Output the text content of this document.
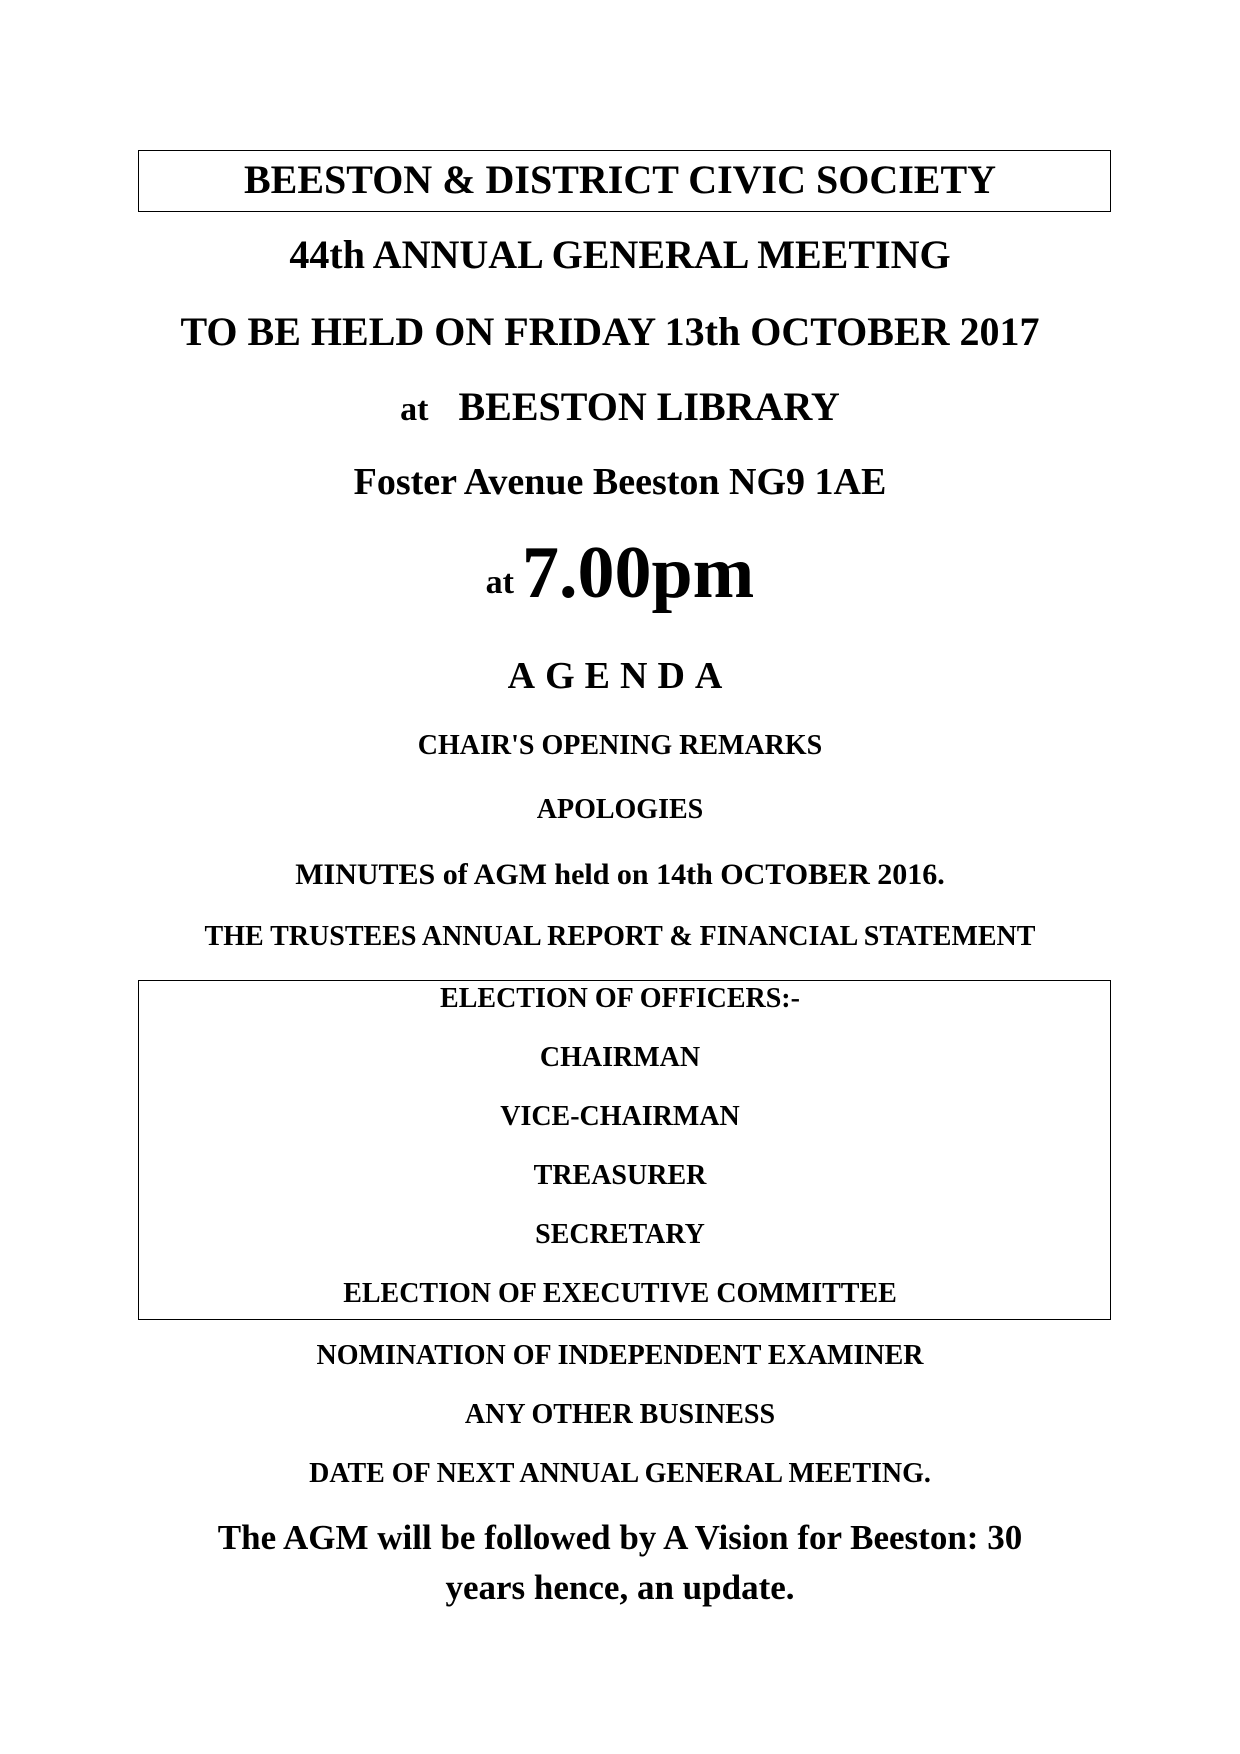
BEESTON & DISTRICT CIVIC SOCIETY
44th ANNUAL GENERAL MEETING
TO BE HELD ON FRIDAY 13th OCTOBER 2017
at BEESTON LIBRARY
Foster Avenue Beeston NG9 1AE
at 7.00pm
AGENDA
CHAIR'S OPENING REMARKS
APOLOGIES
MINUTES of AGM held on 14th OCTOBER 2016.
THE TRUSTEES ANNUAL REPORT & FINANCIAL STATEMENT
ELECTION OF OFFICERS:-
CHAIRMAN
VICE-CHAIRMAN
TREASURER
SECRETARY
ELECTION OF EXECUTIVE COMMITTEE
NOMINATION OF INDEPENDENT EXAMINER
ANY OTHER BUSINESS
DATE OF NEXT ANNUAL GENERAL MEETING.
The AGM will be followed by A Vision for Beeston: 30
years hence, an update.
